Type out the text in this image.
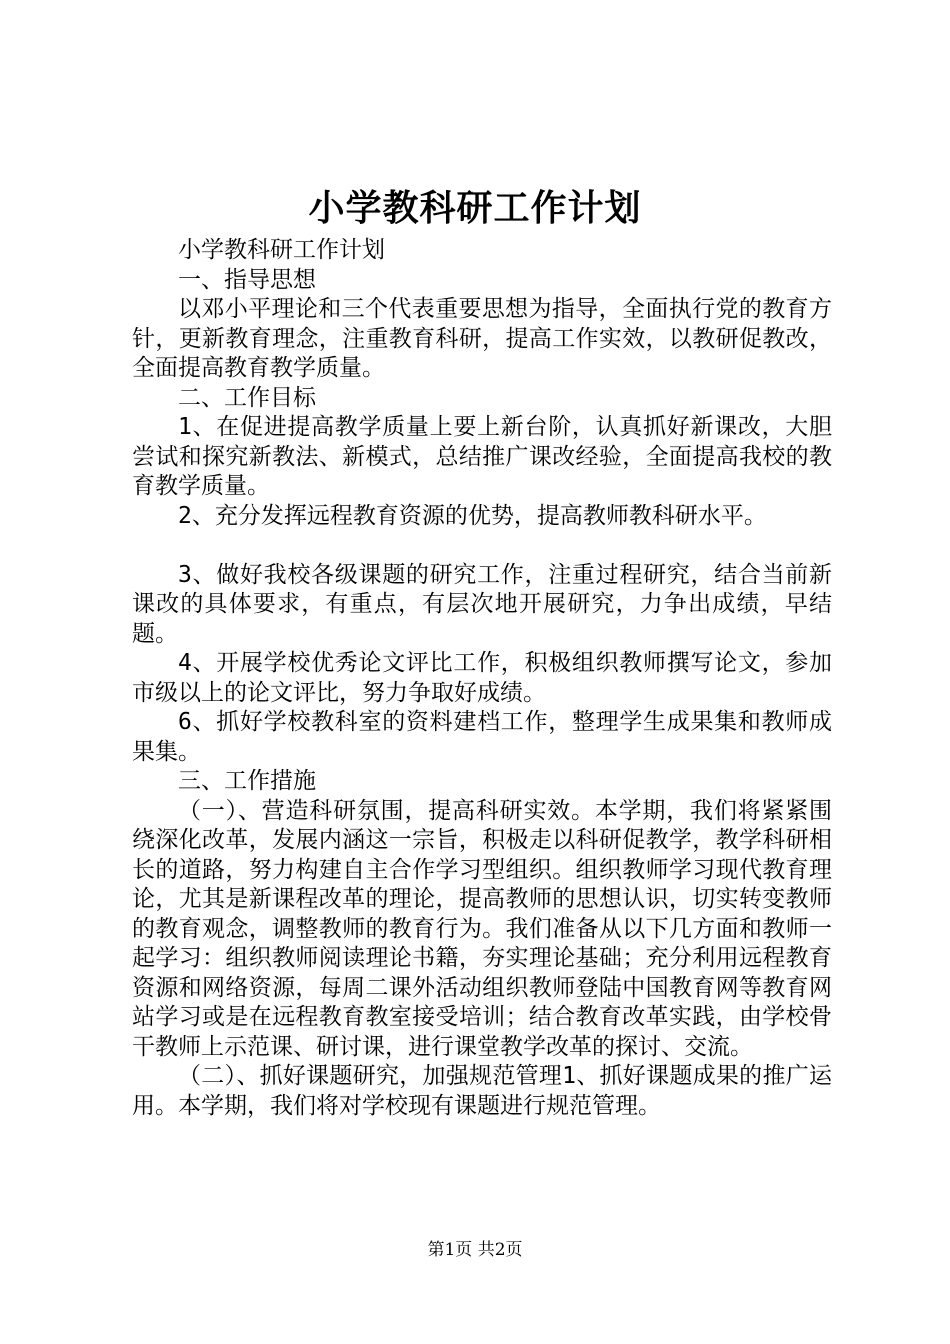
小学教科研工作计划

小学教科研工作计划

一、指导思想

以邓小平理论和三个代表重要思想为指导，全面执行党的教育方针，更新教育理念，注重教育科研，提高工作实效，以教研促教改，全面提高教育教学质量。

二、工作目标

1、在促进提高教学质量上要上新台阶，认真抓好新课改，大胆尝试和探究新教法、新模式，总结推广课改经验，全面提高我校的教育教学质量。

2、充分发挥远程教育资源的优势，提高教师教科研水平。

3、做好我校各级课题的研究工作，注重过程研究，结合当前新课改的具体要求，有重点，有层次地开展研究，力争出成绩，早结题。

4、开展学校优秀论文评比工作，积极组织教师撰写论文，参加市级以上的论文评比，努力争取好成绩。

6、抓好学校教科室的资料建档工作，整理学生成果集和教师成果集。

三、工作措施

（一）、营造科研氛围，提高科研实效。本学期，我们将紧紧围绕深化改革，发展内涵这一宗旨，积极走以科研促教学，教学科研相长的道路，努力构建自主合作学习型组织。组织教师学习现代教育理论，尤其是新课程改革的理论，提高教师的思想认识，切实转变教师的教育观念，调整教师的教育行为。我们准备从以下几方面和教师一起学习：组织教师阅读理论书籍，夯实理论基础；充分利用远程教育资源和网络资源，每周二课外活动组织教师登陆中国教育网等教育网站学习或是在远程教育教室接受培训；结合教育改革实践，由学校骨干教师上示范课、研讨课，进行课堂教学改革的探讨、交流。

（二）、抓好课题研究，加强规范管理1、抓好课题成果的推广运用。本学期，我们将对学校现有课题进行规范管理。

第1页 共2页
